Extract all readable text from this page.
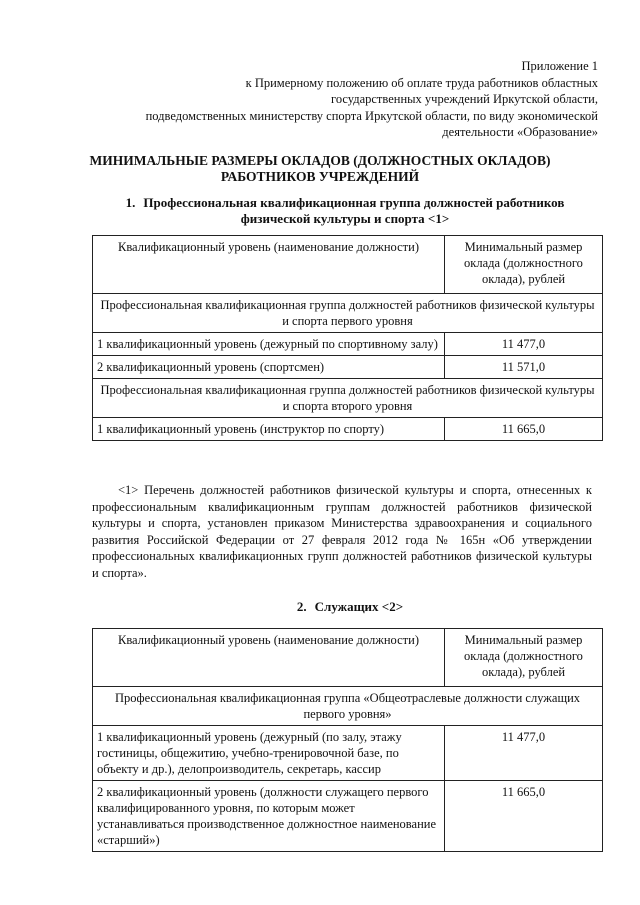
Приложение 1
к Примерному положению об оплате труда работников областных
государственных учреждений Иркутской области,
подведомственных министерству спорта Иркутской области, по виду экономической
деятельности «Образование»
МИНИМАЛЬНЫЕ РАЗМЕРЫ ОКЛАДОВ (ДОЛЖНОСТНЫХ ОКЛАДОВ)
РАБОТНИКОВ УЧРЕЖДЕНИЙ
1. Профессиональная квалификационная группа должностей работников
физической культуры и спорта <1>
Квалификационный уровень (наименование должности)	Минимальный размер оклада (должностного оклада), рублей
Профессиональная квалификационная группа должностей работников физической культуры и спорта первого уровня	
1 квалификационный уровень (дежурный по спортивному залу)	11 477,0
2 квалификационный уровень (спортсмен)	11 571,0
Профессиональная квалификационная группа должностей работников физической культуры и спорта второго уровня	
1 квалификационный уровень (инструктор по спорту)	11 665,0
<1> Перечень должностей работников физической культуры и спорта, отнесенных к профессиональным квалификационным группам должностей работников физической культуры и спорта, установлен приказом Министерства здравоохранения и социального развития Российской Федерации от 27 февраля 2012 года № 165н «Об утверждении профессиональных квалификационных групп должностей работников физической культуры и спорта».
2. Служащих <2>
Квалификационный уровень (наименование должности)	Минимальный размер оклада (должностного оклада), рублей
Профессиональная квалификационная группа «Общеотраслевые должности служащих первого уровня»	
1 квалификационный уровень (дежурный (по залу, этажу гостиницы, общежитию, учебно-тренировочной базе, по объекту и др.), делопроизводитель, секретарь, кассир	11 477,0
2 квалификационный уровень (должности служащего первого квалифицированного уровня, по которым может устанавливаться производственное должностное наименование «старший»)	11 665,0
